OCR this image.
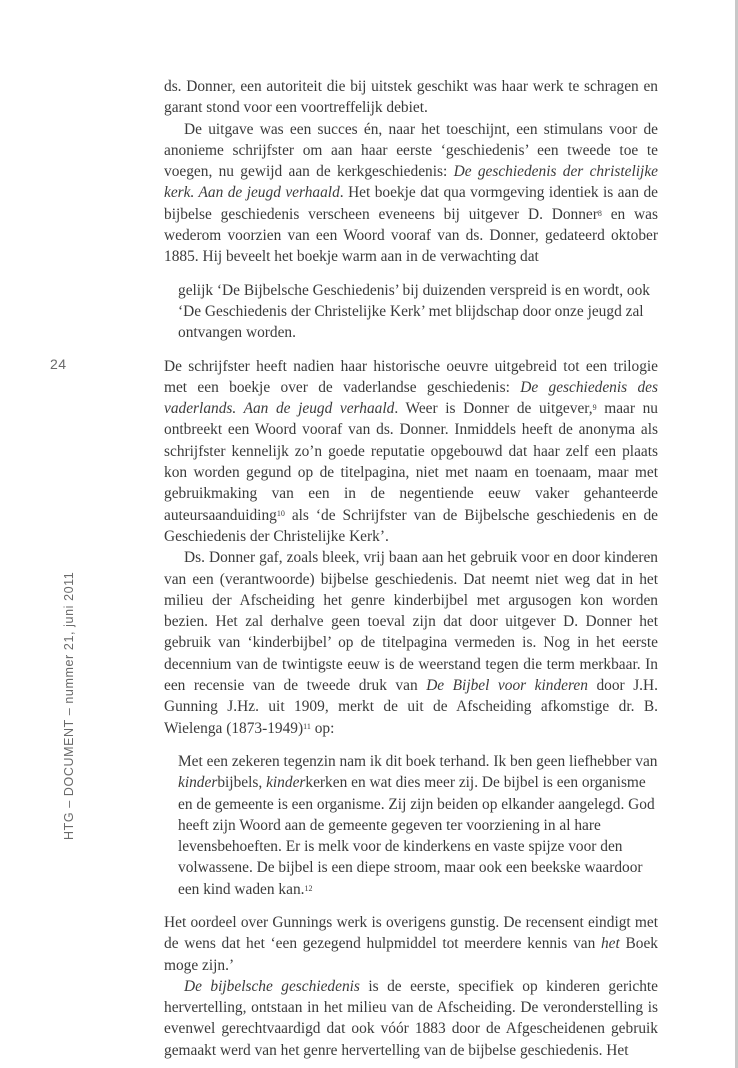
24
HTG – DOCUMENT – nummer 21, juni 2011

ds. Donner, een autoriteit die bij uitstek geschikt was haar werk te schragen en garant stond voor een voortreffelijk debiet.

De uitgave was een succes én, naar het toeschijnt, een stimulans voor de anonieme schrijfster om aan haar eerste ‘geschiedenis’ een tweede toe te voegen, nu gewijd aan de kerkgeschiedenis: De geschiedenis der christelijke kerk. Aan de jeugd verhaald. Het boekje dat qua vormgeving identiek is aan de bijbelse geschiedenis verscheen eveneens bij uitgever D. Donner$^8$ en was wederom voorzien van een Woord vooraf van ds. Donner, gedateerd oktober 1885. Hij beveelt het boekje warm aan in de verwachting dat

gelijk ‘De Bijbelsche Geschiedenis’ bij duizenden verspreid is en wordt, ook ‘De Geschiedenis der Christelijke Kerk’ met blijdschap door onze jeugd zal ontvangen worden.

De schrijfster heeft nadien haar historische oeuvre uitgebreid tot een trilogie met een boekje over de vaderlandse geschiedenis: De geschiedenis des vaderlands. Aan de jeugd verhaald. Weer is Donner de uitgever,$^9$ maar nu ontbreekt een Woord vooraf van ds. Donner. Inmiddels heeft de anonyma als schrijfster kennelijk zo’n goede reputatie opgebouwd dat haar zelf een plaats kon worden gegund op de titelpagina, niet met naam en toenaam, maar met gebruikmaking van een in de negentiende eeuw vaker gehanteerde auteursaanduiding$^{10}$ als ‘de Schrijfster van de Bijbelsche geschiedenis en de Geschiedenis der Christelijke Kerk’.

Ds. Donner gaf, zoals bleek, vrij baan aan het gebruik voor en door kinderen van een (verantwoorde) bijbelse geschiedenis. Dat neemt niet weg dat in het milieu der Afscheiding het genre kinderbijbel met argusogen kon worden bezien. Het zal derhalve geen toeval zijn dat door uitgever D. Donner het gebruik van ‘kinderbijbel’ op de titelpagina vermeden is. Nog in het eerste decennium van de twintigste eeuw is de weerstand tegen die term merkbaar. In een recensie van de tweede druk van De Bijbel voor kinderen door J.H. Gunning J.Hz. uit 1909, merkt de uit de Afscheiding afkomstige dr. B. Wielenga (1873-1949)$^{11}$ op:

Met een zekeren tegenzin nam ik dit boek terhand. Ik ben geen liefhebber van kinderbijbels, kinderkerken en wat dies meer zij. De bijbel is een organisme en de gemeente is een organisme. Zij zijn beiden op elkander aangelegd. God heeft zijn Woord aan de gemeente gegeven ter voorziening in al hare levensbehoeften. Er is melk voor de kinderkens en vaste spijze voor den volwassene. De bijbel is een diepe stroom, maar ook een beekske waardoor een kind waden kan.$^{12}$

Het oordeel over Gunnings werk is overigens gunstig. De recensent eindigt met de wens dat het ‘een gezegend hulpmiddel tot meerdere kennis van het Boek moge zijn.’

De bijbelsche geschiedenis is de eerste, specifiek op kinderen gerichte hervertelling, ontstaan in het milieu van de Afscheiding. De veronderstelling is evenwel gerechtvaardigd dat ook vóór 1883 door de Afgescheidenen gebruik gemaakt werd van het genre hervertelling van de bijbelse geschiedenis. Het
